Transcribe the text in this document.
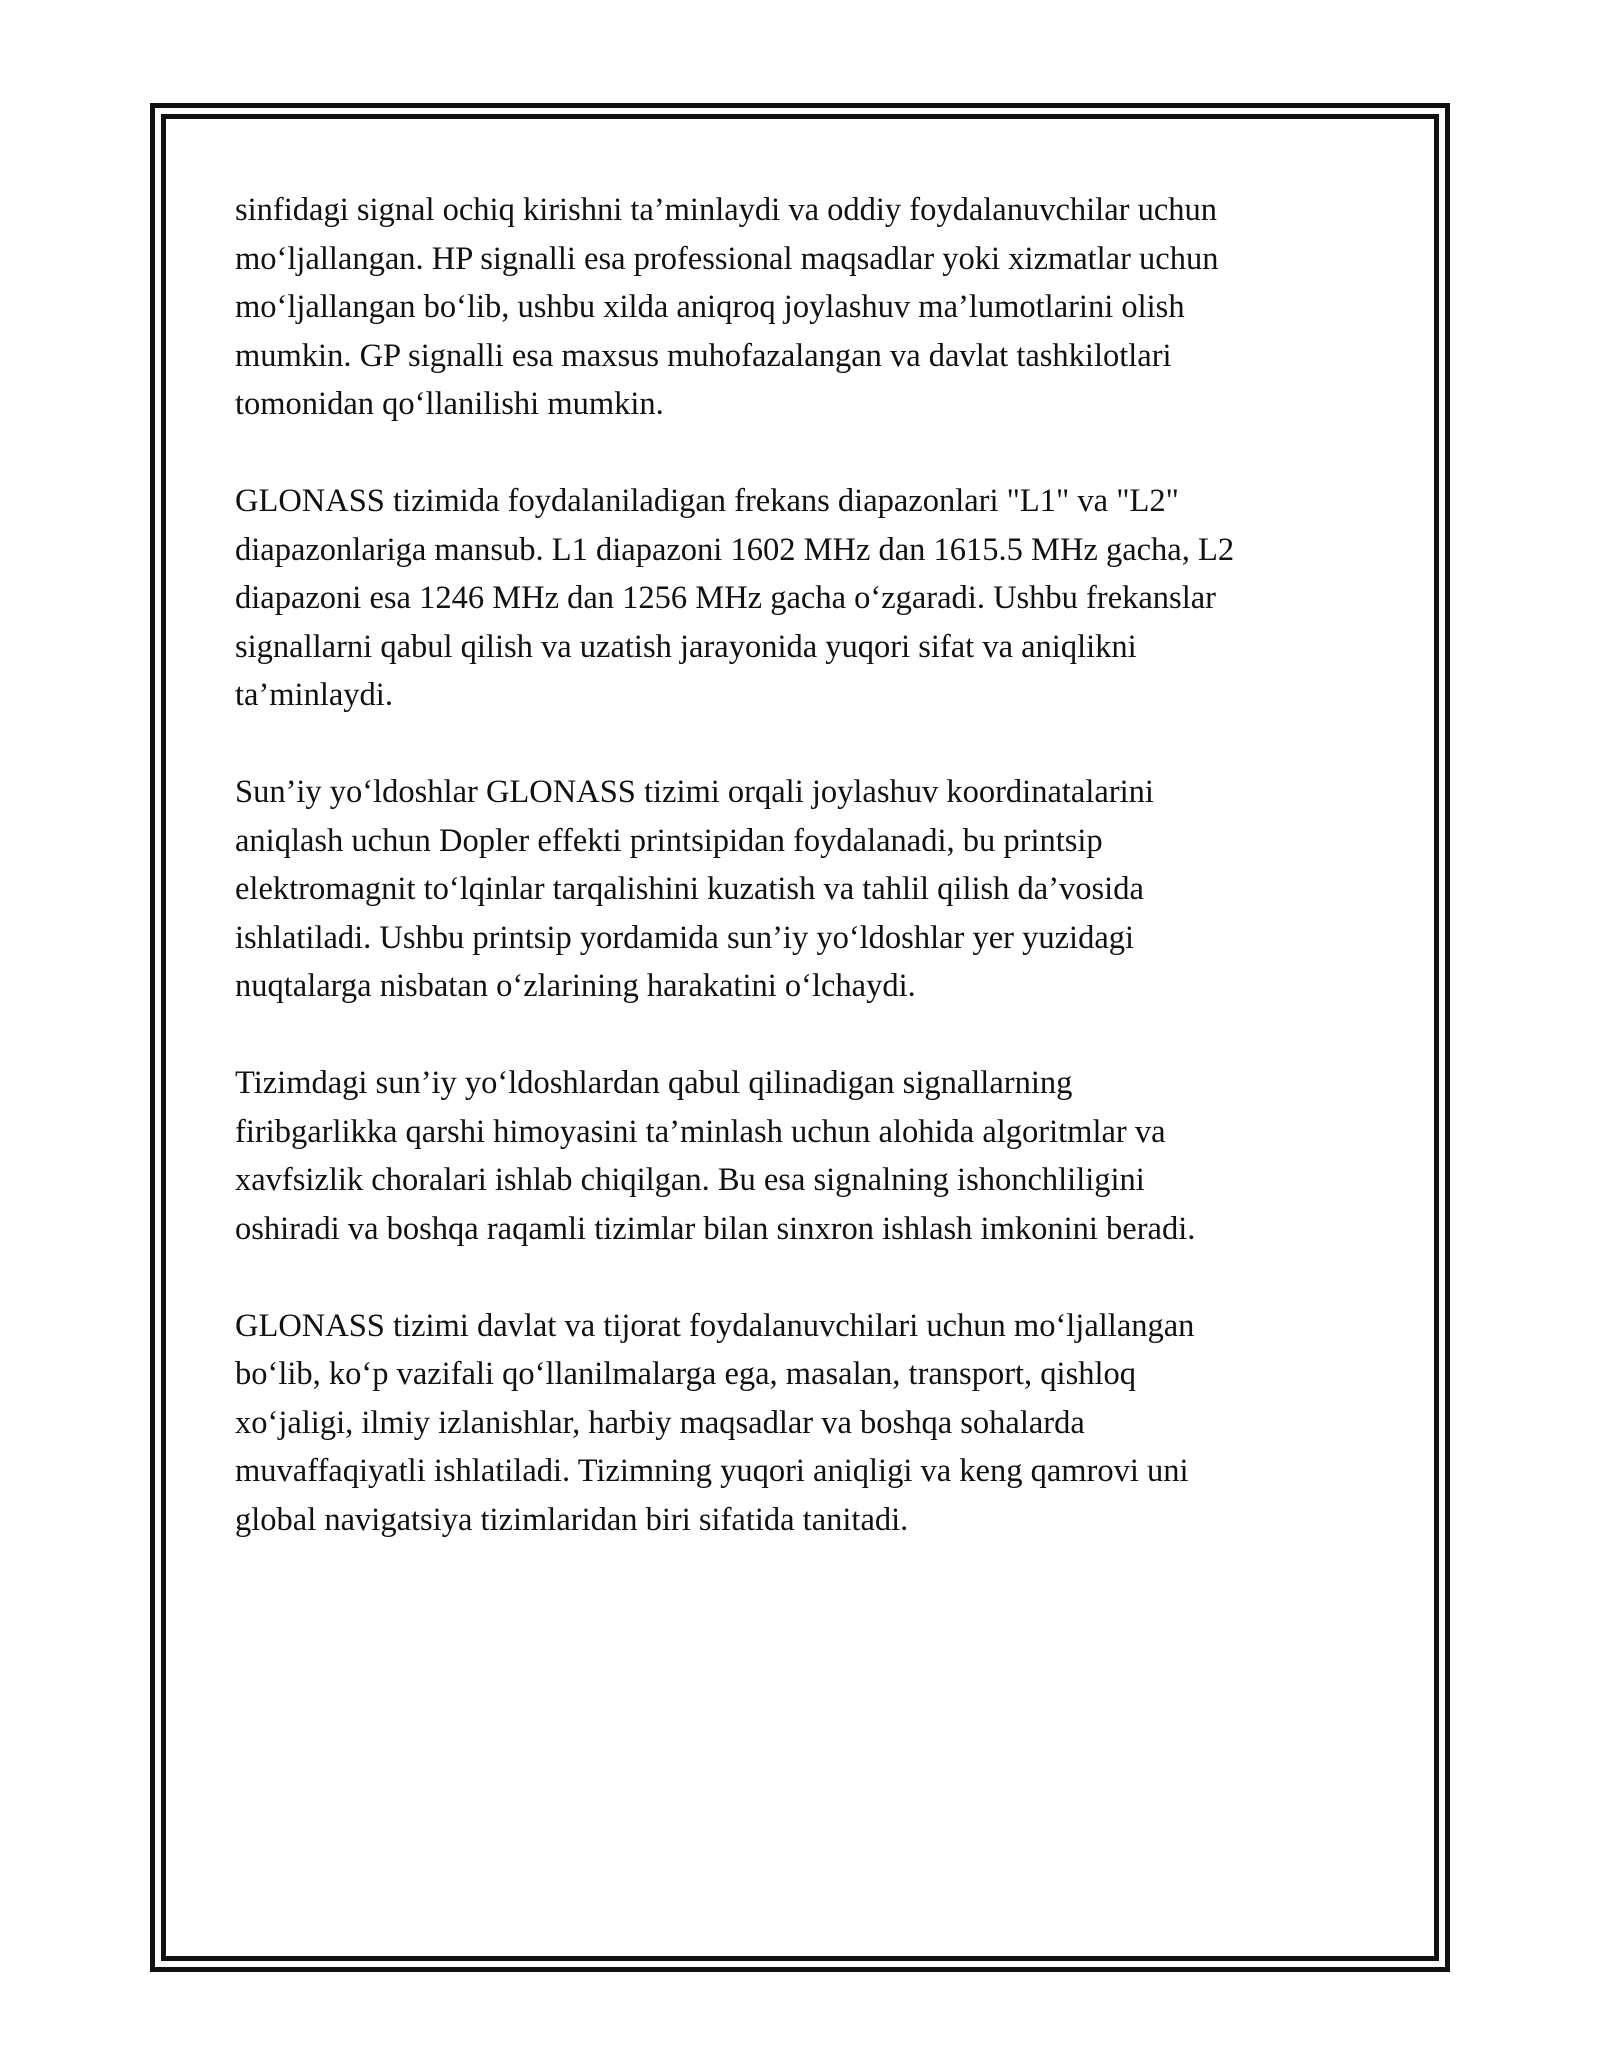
sinfidagi signal ochiq kirishni ta’minlaydi va oddiy foydalanuvchilar uchun
mo‘ljallangan. HP signalli esa professional maqsadlar yoki xizmatlar uchun
mo‘ljallangan bo‘lib, ushbu xilda aniqroq joylashuv ma’lumotlarini olish
mumkin. GP signalli esa maxsus muhofazalangan va davlat tashkilotlari
tomonidan qo‘llanilishi mumkin.

GLONASS tizimida foydalaniladigan frekans diapazonlari "L1" va "L2"
diapazonlariga mansub. L1 diapazoni 1602 MHz dan 1615.5 MHz gacha, L2
diapazoni esa 1246 MHz dan 1256 MHz gacha o‘zgaradi. Ushbu frekanslar
signallarni qabul qilish va uzatish jarayonida yuqori sifat va aniqlikni
ta’minlaydi.

Sun’iy yo‘ldoshlar GLONASS tizimi orqali joylashuv koordinatalarini
aniqlash uchun Dopler effekti printsipidan foydalanadi, bu printsip
elektromagnit to‘lqinlar tarqalishini kuzatish va tahlil qilish da’vosida
ishlatiladi. Ushbu printsip yordamida sun’iy yo‘ldoshlar yer yuzidagi
nuqtalarga nisbatan o‘zlarining harakatini o‘lchaydi.

Tizimdagi sun’iy yo‘ldoshlardan qabul qilinadigan signallarning
firibgarlikka qarshi himoyasini ta’minlash uchun alohida algoritmlar va
xavfsizlik choralari ishlab chiqilgan. Bu esa signalning ishonchliligini
oshiradi va boshqa raqamli tizimlar bilan sinxron ishlash imkonini beradi.

GLONASS tizimi davlat va tijorat foydalanuvchilari uchun mo‘ljallangan
bo‘lib, ko‘p vazifali qo‘llanilmalarga ega, masalan, transport, qishloq
xo‘jaligi, ilmiy izlanishlar, harbiy maqsadlar va boshqa sohalarda
muvaffaqiyatli ishlatiladi. Tizimning yuqori aniqligi va keng qamrovi uni
global navigatsiya tizimlaridan biri sifatida tanitadi.
